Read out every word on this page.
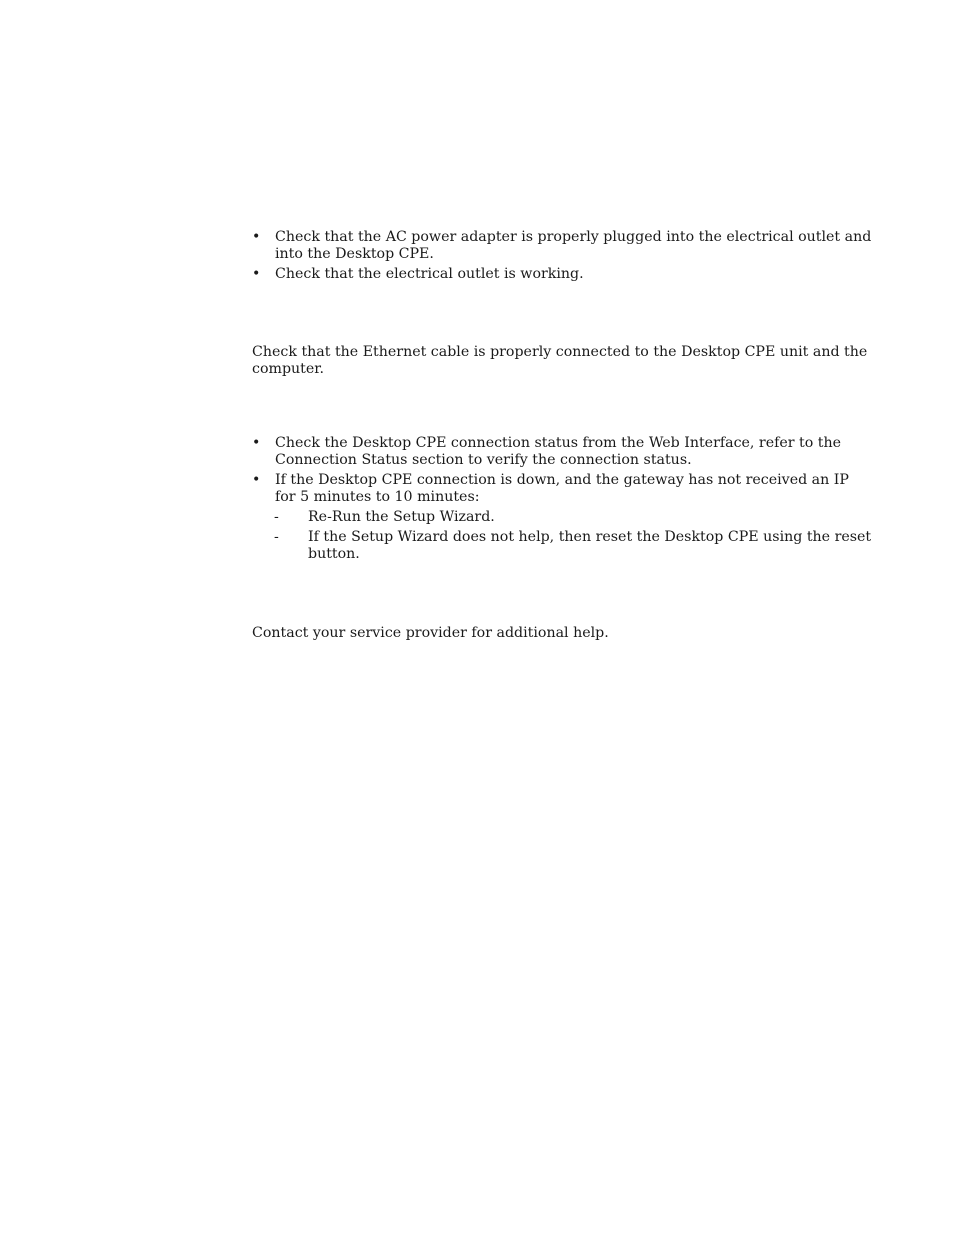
• Check that the AC power adapter is properly plugged into the electrical outlet and into the Desktop CPE.
• Check that the electrical outlet is working.

Check that the Ethernet cable is properly connected to the Desktop CPE unit and the computer.

• Check the Desktop CPE connection status from the Web Interface, refer to the Connection Status section to verify the connection status.
• If the Desktop CPE connection is down, and the gateway has not received an IP for 5 minutes to 10 minutes:
-	Re-Run the Setup Wizard.
-	If the Setup Wizard does not help, then reset the Desktop CPE using the reset button.

Contact your service provider for additional help.
